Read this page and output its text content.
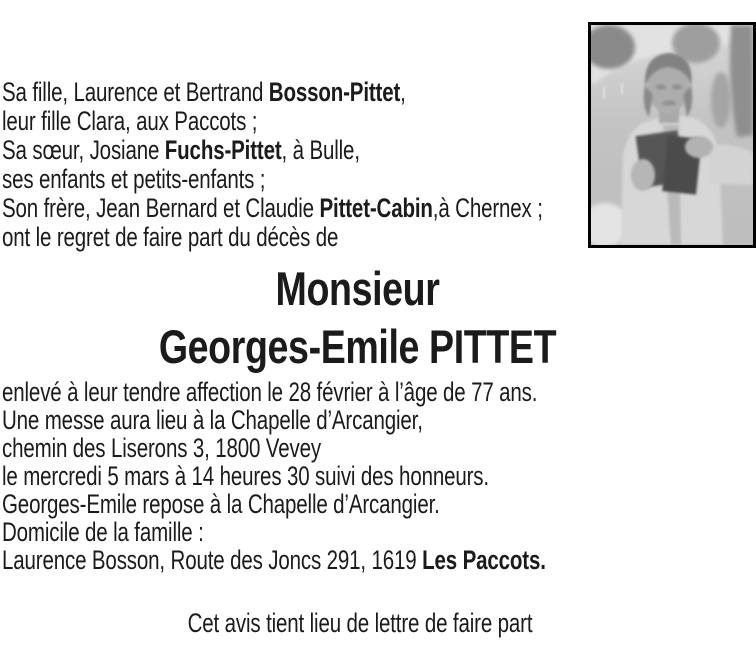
Sa fille, Laurence et Bertrand Bosson-Pittet,
leur fille Clara, aux Paccots ;
Sa sœur, Josiane Fuchs-Pittet, à Bulle,
ses enfants et petits-enfants ;
Son frère, Jean Bernard et Claudie Pittet-Cabin,à Chernex ;
ont le regret de faire part du décès de
Monsieur
Georges-Emile PITTET
enlevé à leur tendre affection le 28 février à l’âge de 77 ans.
Une messe aura lieu à la Chapelle d’Arcangier,
chemin des Liserons 3, 1800 Vevey
le mercredi 5 mars à 14 heures 30 suivi des honneurs.
Georges-Emile repose à la Chapelle d’Arcangier.
Domicile de la famille :
Laurence Bosson, Route des Joncs 291, 1619 Les Paccots.
Cet avis tient lieu de lettre de faire part
